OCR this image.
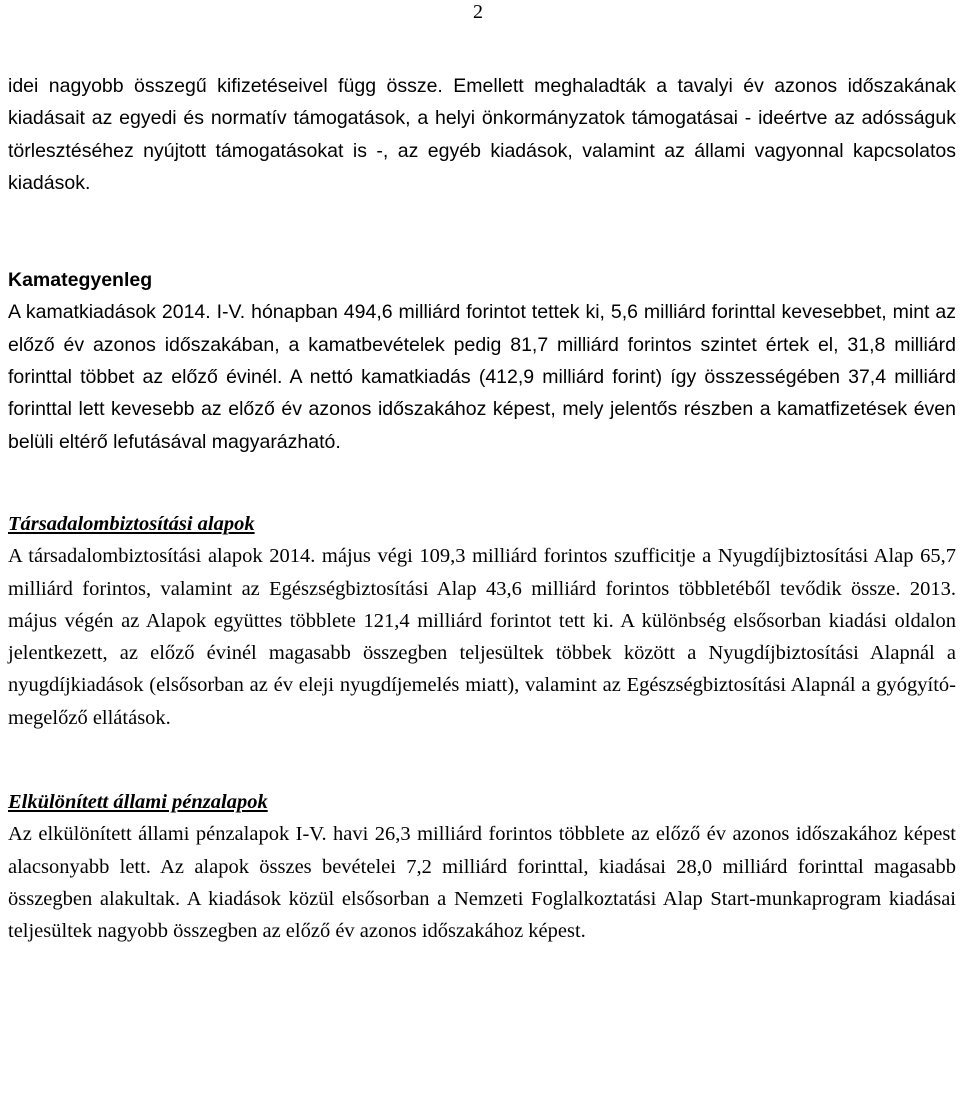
2

idei nagyobb összegű kifizetéseivel függ össze. Emellett meghaladták a tavalyi év azonos időszakának kiadásait az egyedi és normatív támogatások, a helyi önkormányzatok támogatásai - ideértve az adósságuk törlesztéséhez nyújtott támogatásokat is -, az egyéb kiadások, valamint az állami vagyonnal kapcsolatos kiadások.

Kamategyenleg

A kamatkiadások 2014. I-V. hónapban 494,6 milliárd forintot tettek ki, 5,6 milliárd forinttal kevesebbet, mint az előző év azonos időszakában, a kamatbevételek pedig 81,7 milliárd forintos szintet értek el, 31,8 milliárd forinttal többet az előző évinél. A nettó kamatkiadás (412,9 milliárd forint) így összességében 37,4 milliárd forinttal lett kevesebb az előző év azonos időszakához képest, mely jelentős részben a kamatfizetések éven belüli eltérő lefutásával magyarázható.

Társadalombiztosítási alapok

A társadalombiztosítási alapok 2014. május végi 109,3 milliárd forintos szufficitje a Nyugdíjbiztosítási Alap 65,7 milliárd forintos, valamint az Egészségbiztosítási Alap 43,6 milliárd forintos többletéből tevődik össze. 2013. május végén az Alapok együttes többlete 121,4 milliárd forintot tett ki. A különbség elsősorban kiadási oldalon jelentkezett, az előző évinél magasabb összegben teljesültek többek között a Nyugdíjbiztosítási Alapnál a nyugdíjkiadások (elsősorban az év eleji nyugdíjemelés miatt), valamint az Egészségbiztosítási Alapnál a gyógyító-megelőző ellátások.

Elkülönített állami pénzalapok

Az elkülönített állami pénzalapok I-V. havi 26,3 milliárd forintos többlete az előző év azonos időszakához képest alacsonyabb lett. Az alapok összes bevételei 7,2 milliárd forinttal, kiadásai 28,0 milliárd forinttal magasabb összegben alakultak. A kiadások közül elsősorban a Nemzeti Foglalkoztatási Alap Start-munkaprogram kiadásai teljesültek nagyobb összegben az előző év azonos időszakához képest.
